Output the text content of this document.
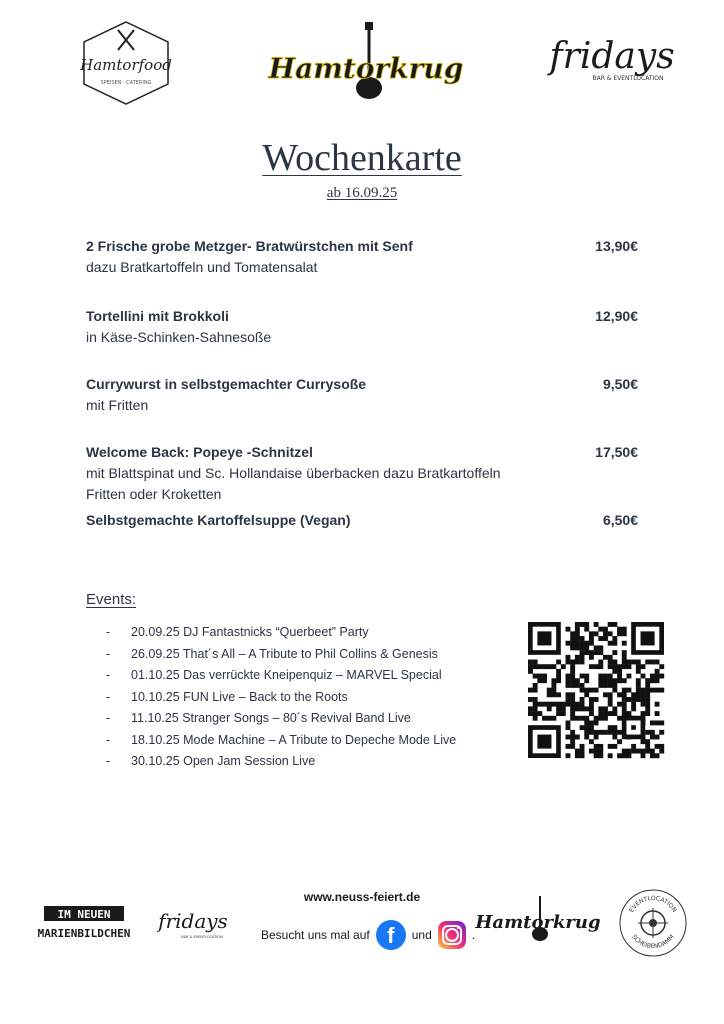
Hamtorfood
SPEISEN · CATERING	Hamtorkrug fridays
BAR & EVENTLOCATION
Wochenkarte
ab 16.09.25
2 Frische grobe Metzger- Bratwürstchen mit Senf	13,90€
dazu Bratkartoffeln und Tomatensalat
Tortellini mit Brokkoli	12,90€
in Käse-Schinken-Sahnesoße
Currywurst in selbstgemachter Currysoße	9,50€
mit Fritten
Welcome Back: Popeye -Schnitzel	17,50€
mit Blattspinat und Sc. Hollandaise überbacken dazu Bratkartoffeln
Fritten oder Kroketten
Selbstgemachte Kartoffelsuppe (Vegan)	6,50€
Events:
- 20.09.25 DJ Fantastnicks “Querbeet” Party
- 26.09.25 That´s All – A Tribute to Phil Collins & Genesis
- 01.10.25 Das verrückte Kneipenquiz – MARVEL Special
- 10.10.25 FUN Live – Back to the Roots
- 11.10.25 Stranger Songs – 80´s Revival Band Live
- 18.10.25 Mode Machine – A Tribute to Depeche Mode Live
- 30.10.25 Open Jam Session Live
IM NEUEN
MARIENBILDCHEN
fridays
BAR & EVENTLOCATION
www.neuss-feiert.de
Besucht uns mal auf f und	.
Hamtorkrug
EVENTLOCATION
SCHEIBENDAMM
